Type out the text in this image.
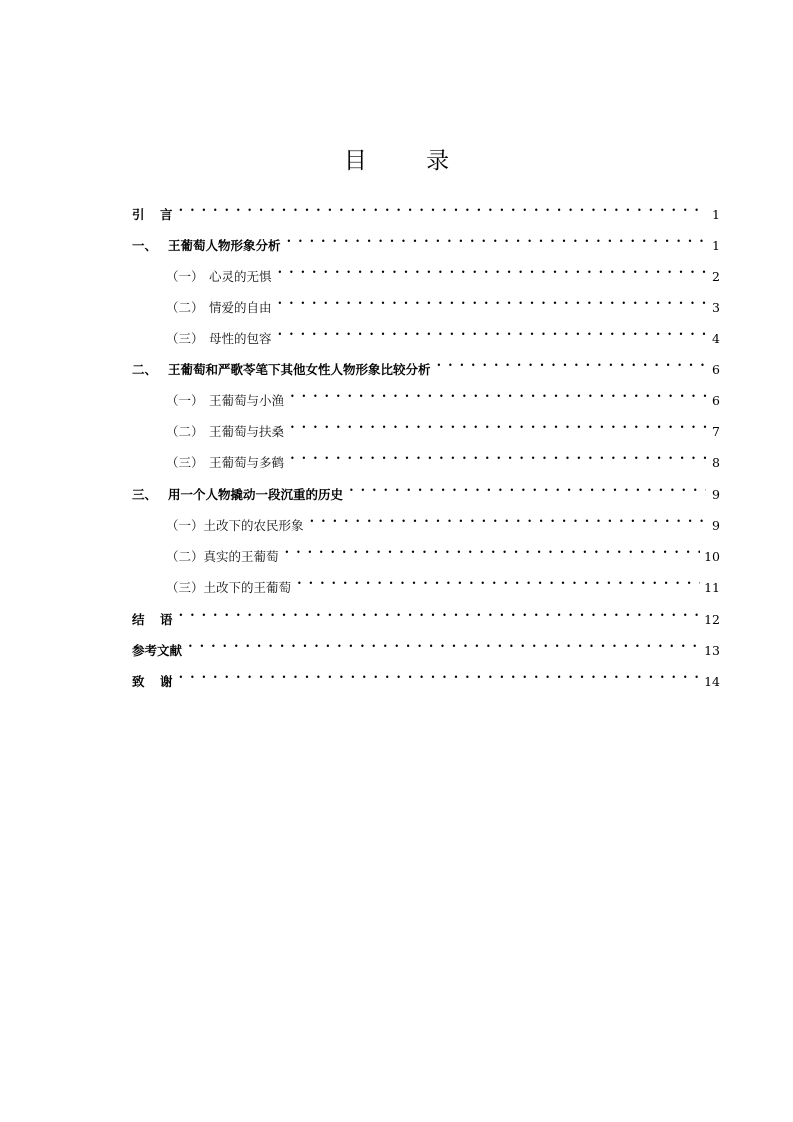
目 录
引 言 • • •	1
一、 王葡萄人物形象分析 • • •	1
（一） 心灵的无惧 • • •	2
（二） 情爱的自由 • • •	3
（三） 母性的包容 • • •	4
二、 王葡萄和严歌苓笔下其他女性人物形象比较分析 • • •	6
（一） 王葡萄与小渔 • • •	6
（二） 王葡萄与扶桑 • • •	7
（三） 王葡萄与多鹤 • • •	8
三、 用一个人物撬动一段沉重的历史 • • •	9
（一）土改下的农民形象 • • •	9
（二）真实的王葡萄 • • •	10
（三）土改下的王葡萄 • • •	11
结 语 • • •	12
参考文献 • • •	13
致 谢 • • •	14
